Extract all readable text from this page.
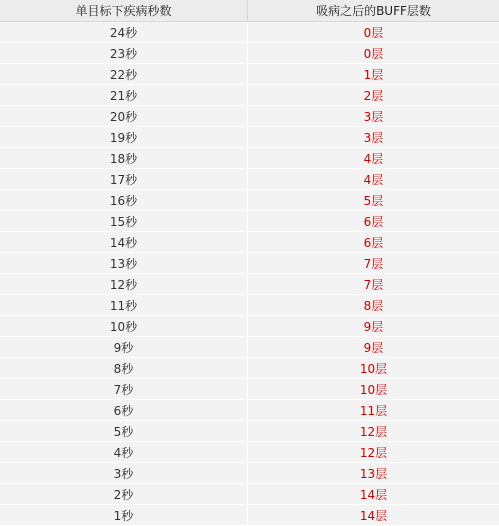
单目标下疾病秒数	吸病之后的BUFF层数
24秒	0层
23秒	0层
22秒	1层
21秒	2层
20秒	3层
19秒	3层
18秒	4层
17秒	4层
16秒	5层
15秒	6层
14秒	6层
13秒	7层
12秒	7层
11秒	8层
10秒	9层
9秒	9层
8秒	10层
7秒	10层
6秒	11层
5秒	12层
4秒	12层
3秒	13层
2秒	14层
1秒	14层
